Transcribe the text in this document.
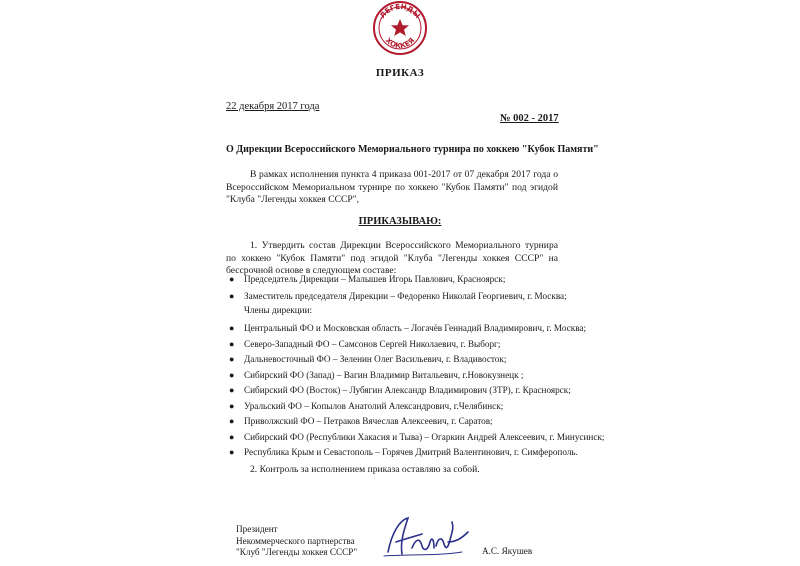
ЛЕГЕНДЫ
ХОККЕЯ
ПРИКАЗ
22 декабря 2017 года
№ 002 - 2017
О Дирекции Всероссийского Мемориального турнира по хоккею "Кубок Памяти"

В рамках исполнения пункта 4 приказа 001-2017 от 07 декабря 2017 года о Всероссийском Мемориальном турнире по хоккею "Кубок Памяти" под эгидой "Клуба "Легенды хоккея СССР",

ПРИКАЗЫВАЮ:

1. Утвердить состав Дирекции Всероссийского Мемориального турнира по хоккею "Кубок Памяти" под эгидой "Клуба "Легенды хоккея СССР" на бессрочной основе в следующем составе:

● Председатель Дирекции – Малышев Игорь Павлович, Красноярск;
● Заместитель председателя Дирекции – Федоренко Николай Георгиевич, г. Москва;
Члены дирекции:
● Центральный ФО и Московская область – Логачёв Геннадий Владимирович, г. Москва;
● Северо-Западный ФО – Самсонов Сергей Николаевич, г. Выборг;
● Дальневосточный ФО – Зеленин Олег Васильевич, г. Владивосток;
● Сибирский ФО (Запад) – Вагин Владимир Витальевич, г.Новокузнецк ;
● Сибирский ФО (Восток) – Лубягин Александр Владимирович (ЗТР), г. Красноярск;
● Уральский ФО – Копылов Анатолий Александрович, г.Челябинск;
● Приволжский ФО – Петраков Вячеслав Алексеевич, г. Саратов;
● Сибирский ФО (Республики Хакасия и Тыва) – Огаркин Андрей Алексеевич, г. Минусинск;
● Республика Крым и Севастополь – Горячев Дмитрий Валентинович, г. Симферополь.
2. Контроль за исполнением приказа оставляю за собой.
Президент
Некоммерческого партнерства
"Клуб "Легенды хоккея СССР"	А.С. Якушев
